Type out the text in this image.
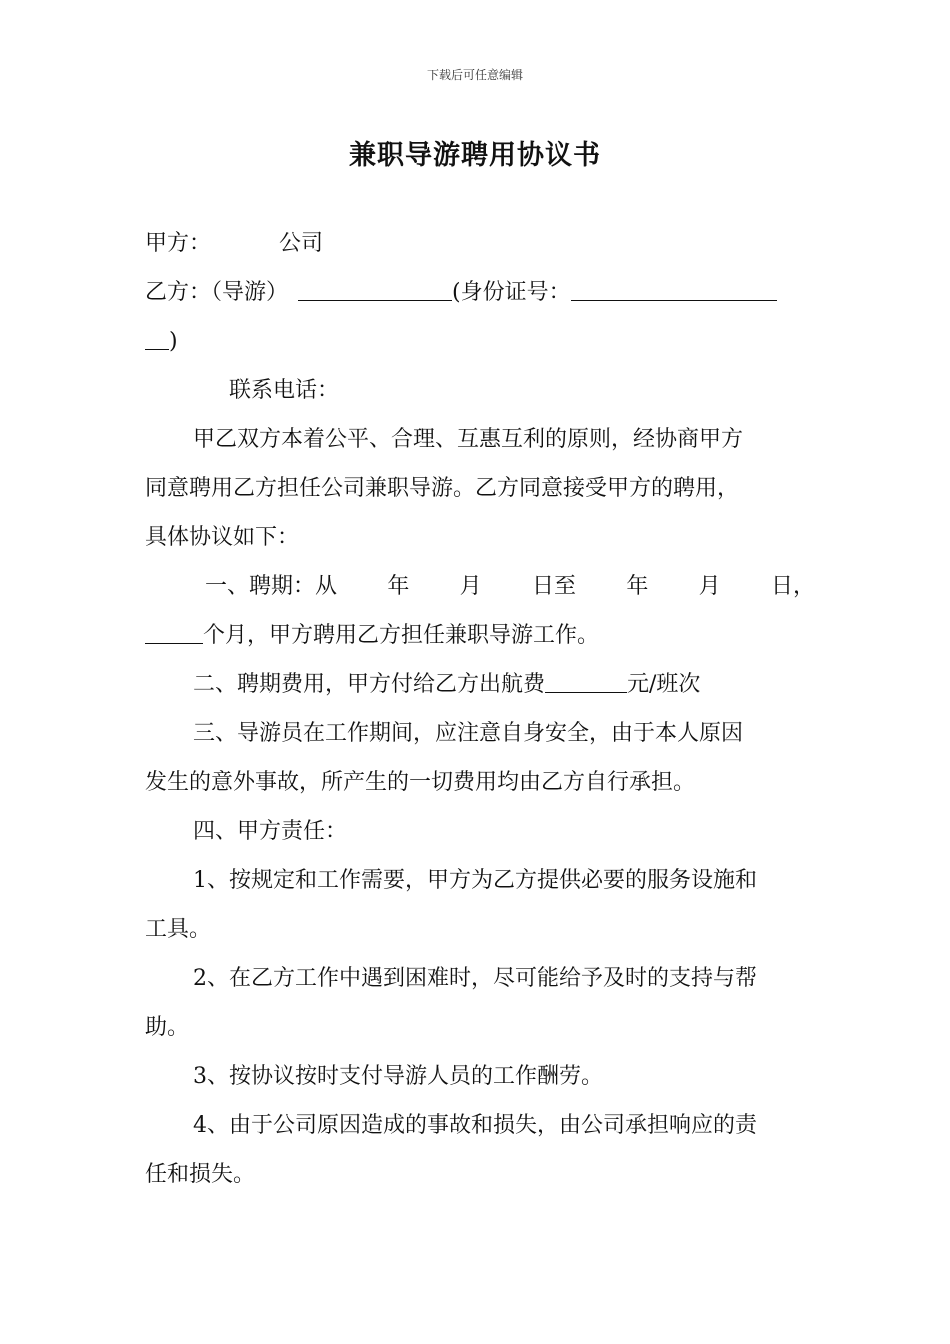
下载后可任意编辑
兼职导游聘用协议书
甲方：	公司
乙方：（导游）	(身份证号：
)
联系电话：
甲乙双方本着公平、合理、互惠互利的原则，经协商甲方
同意聘用乙方担任公司兼职导游。乙方同意接受甲方的聘用，
具体协议如下：
一、聘期：从 年 月 日至 年 月 日，
个月，甲方聘用乙方担任兼职导游工作。
二、聘期费用，甲方付给乙方出航费	元/班次
三、导游员在工作期间，应注意自身安全，由于本人原因
发生的意外事故，所产生的一切费用均由乙方自行承担。
四、甲方责任：
1、按规定和工作需要，甲方为乙方提供必要的服务设施和
工具。
2、在乙方工作中遇到困难时，尽可能给予及时的支持与帮
助。
3、按协议按时支付导游人员的工作酬劳。
4、由于公司原因造成的事故和损失，由公司承担响应的责
任和损失。
